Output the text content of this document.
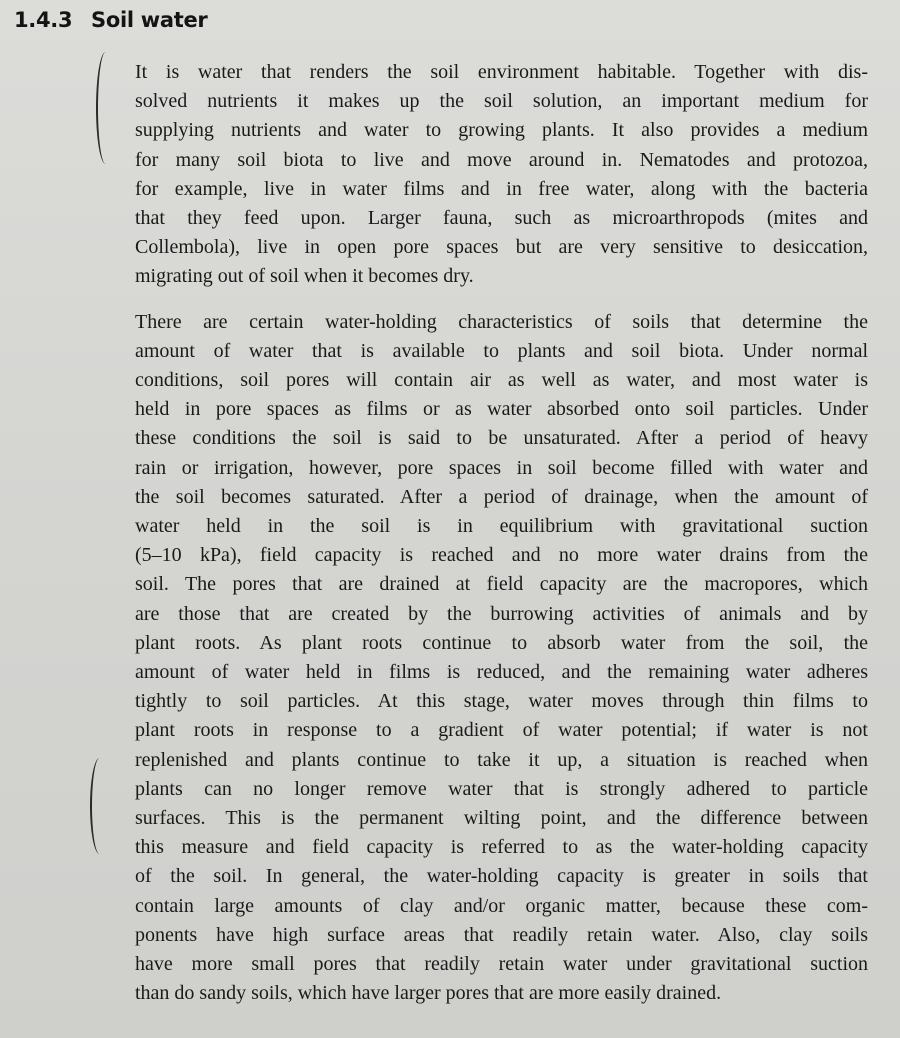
1.4.3 Soil water

It is water that renders the soil environment habitable. Together with dis-
solved nutrients it makes up the soil solution, an important medium for
supplying nutrients and water to growing plants. It also provides a medium
for many soil biota to live and move around in. Nematodes and protozoa,
for example, live in water films and in free water, along with the bacteria
that they feed upon. Larger fauna, such as microarthropods (mites and
Collembola), live in open pore spaces but are very sensitive to desiccation,
migrating out of soil when it becomes dry.

There are certain water-holding characteristics of soils that determine the
amount of water that is available to plants and soil biota. Under normal
conditions, soil pores will contain air as well as water, and most water is
held in pore spaces as films or as water absorbed onto soil particles. Under
these conditions the soil is said to be unsaturated. After a period of heavy
rain or irrigation, however, pore spaces in soil become filled with water and
the soil becomes saturated. After a period of drainage, when the amount of
water held in the soil is in equilibrium with gravitational suction
(5–10 kPa), field capacity is reached and no more water drains from the
soil. The pores that are drained at field capacity are the macropores, which
are those that are created by the burrowing activities of animals and by
plant roots. As plant roots continue to absorb water from the soil, the
amount of water held in films is reduced, and the remaining water adheres
tightly to soil particles. At this stage, water moves through thin films to
plant roots in response to a gradient of water potential; if water is not
replenished and plants continue to take it up, a situation is reached when
plants can no longer remove water that is strongly adhered to particle
surfaces. This is the permanent wilting point, and the difference between
this measure and field capacity is referred to as the water-holding capacity
of the soil. In general, the water-holding capacity is greater in soils that
contain large amounts of clay and/or organic matter, because these com-
ponents have high surface areas that readily retain water. Also, clay soils
have more small pores that readily retain water under gravitational suction
than do sandy soils, which have larger pores that are more easily drained.
